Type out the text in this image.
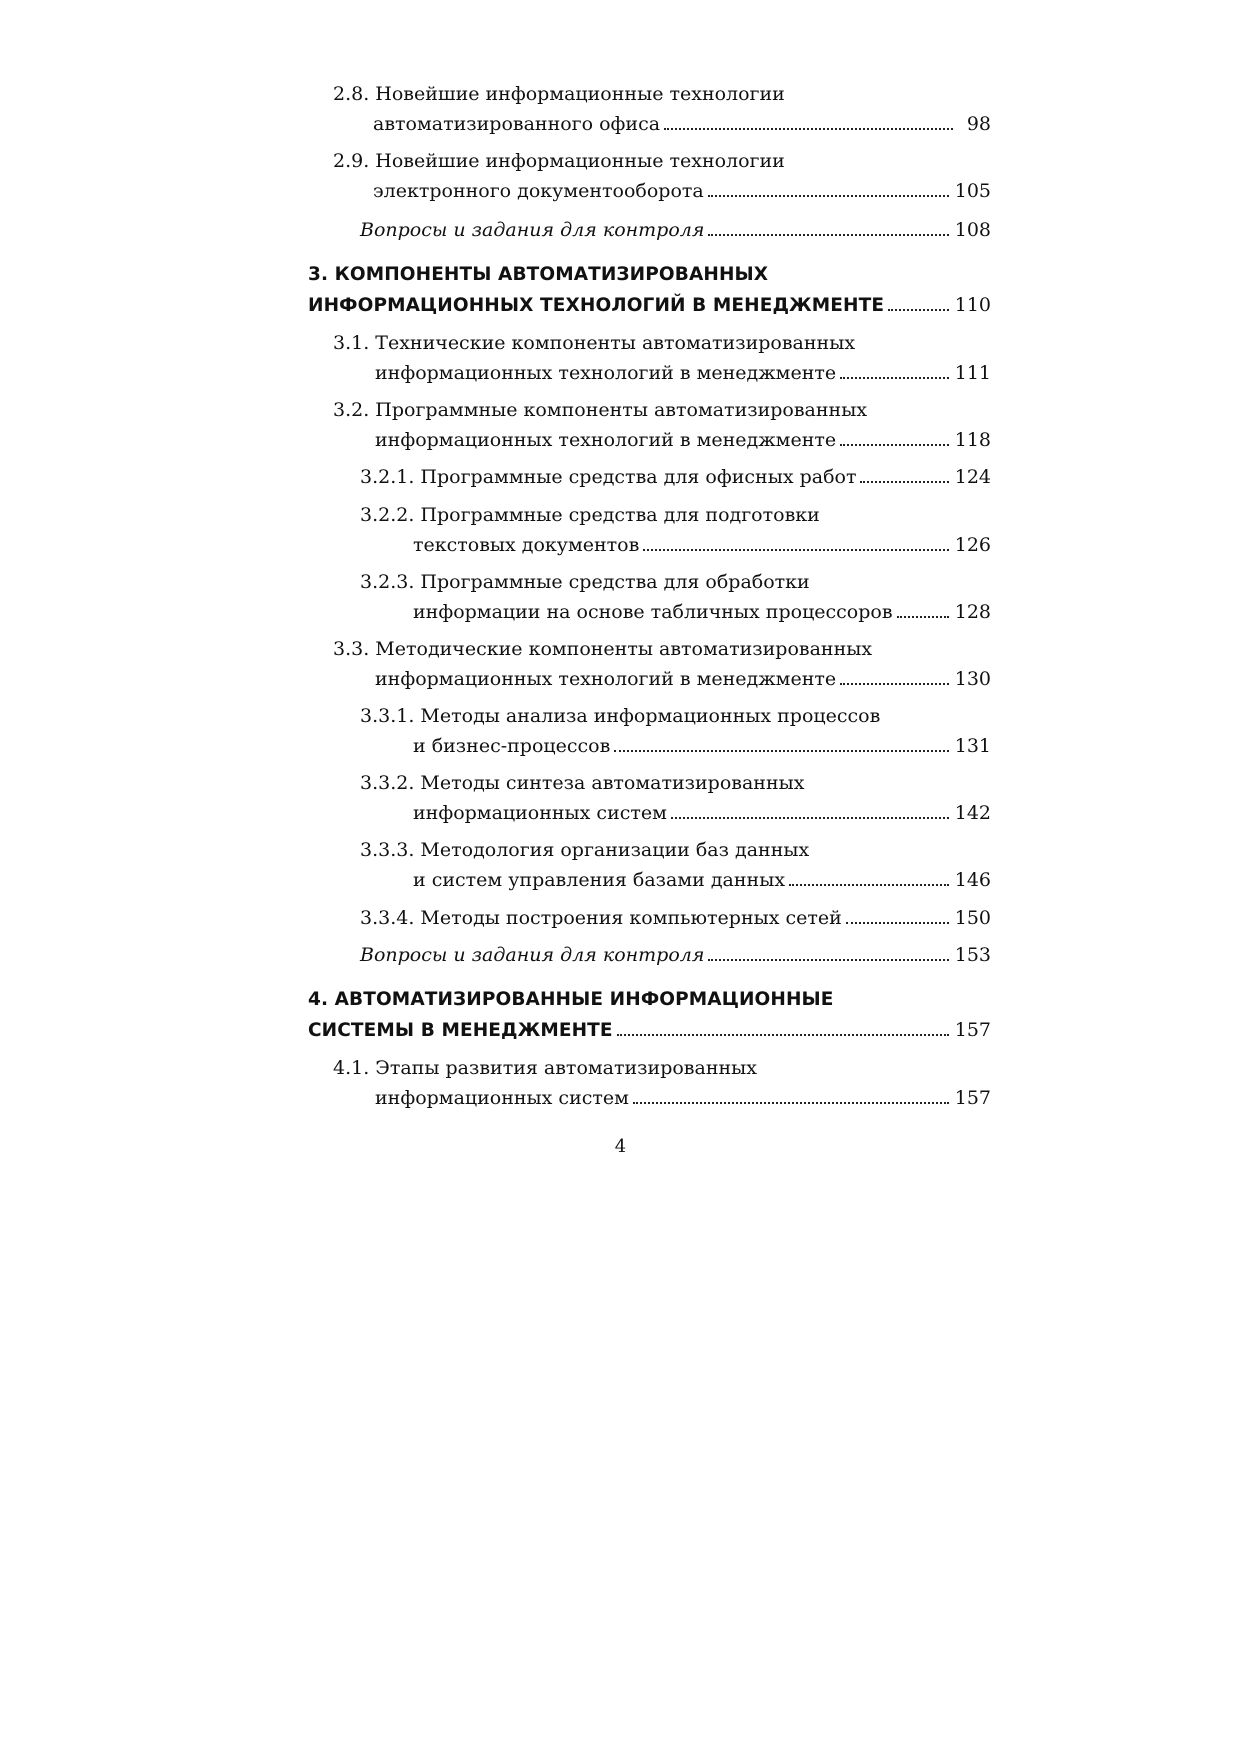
2.8. Новейшие информационные технологии
автоматизированного офиса	98
2.9. Новейшие информационные технологии
электронного документооборота	105
Вопросы и задания для контроля	108
3. КОМПОНЕНТЫ АВТОМАТИЗИРОВАННЫХ
ИНФОРМАЦИОННЫХ ТЕХНОЛОГИЙ В МЕНЕДЖМЕНТЕ	110
3.1. Технические компоненты автоматизированных
информационных технологий в менеджменте	111
3.2. Программные компоненты автоматизированных
информационных технологий в менеджменте	118
3.2.1. Программные средства для офисных работ	124
3.2.2. Программные средства для подготовки
текстовых документов	126
3.2.3. Программные средства для обработки
информации на основе табличных процессоров	128
3.3. Методические компоненты автоматизированных
информационных технологий в менеджменте	130
3.3.1. Методы анализа информационных процессов
и бизнес-процессов	131
3.3.2. Методы синтеза автоматизированных
информационных систем	142
3.3.3. Методология организации баз данных
и систем управления базами данных	146
3.3.4. Методы построения компьютерных сетей	150
Вопросы и задания для контроля	153
4. АВТОМАТИЗИРОВАННЫЕ ИНФОРМАЦИОННЫЕ
СИСТЕМЫ В МЕНЕДЖМЕНТЕ	157
4.1. Этапы развития автоматизированных
информационных систем	157
4
